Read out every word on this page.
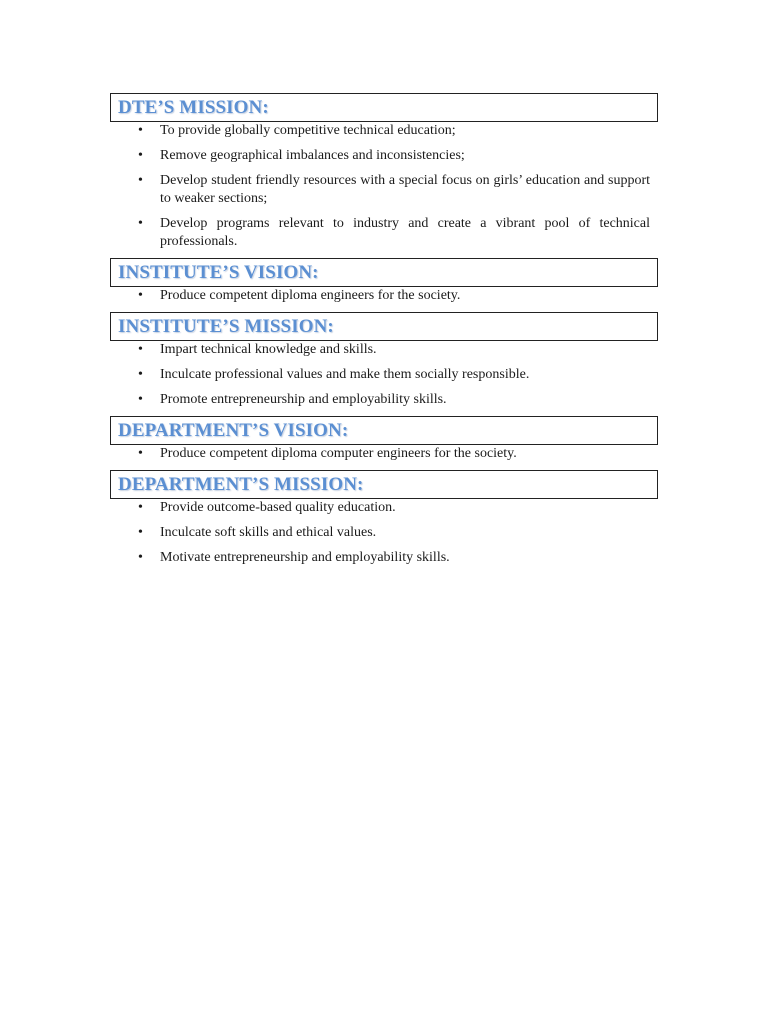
DTE’S MISSION:
• To provide globally competitive technical education;
• Remove geographical imbalances and inconsistencies;
• Develop student friendly resources with a special focus on girls’ education and support to weaker sections;
• Develop programs relevant to industry and create a vibrant pool of technical professionals.
INSTITUTE’S VISION:
• Produce competent diploma engineers for the society.
INSTITUTE’S MISSION:
• Impart technical knowledge and skills.
• Inculcate professional values and make them socially responsible.
• Promote entrepreneurship and employability skills.
DEPARTMENT’S VISION:
• Produce competent diploma computer engineers for the society.
DEPARTMENT’S MISSION:
• Provide outcome-based quality education.
• Inculcate soft skills and ethical values.
• Motivate entrepreneurship and employability skills.
